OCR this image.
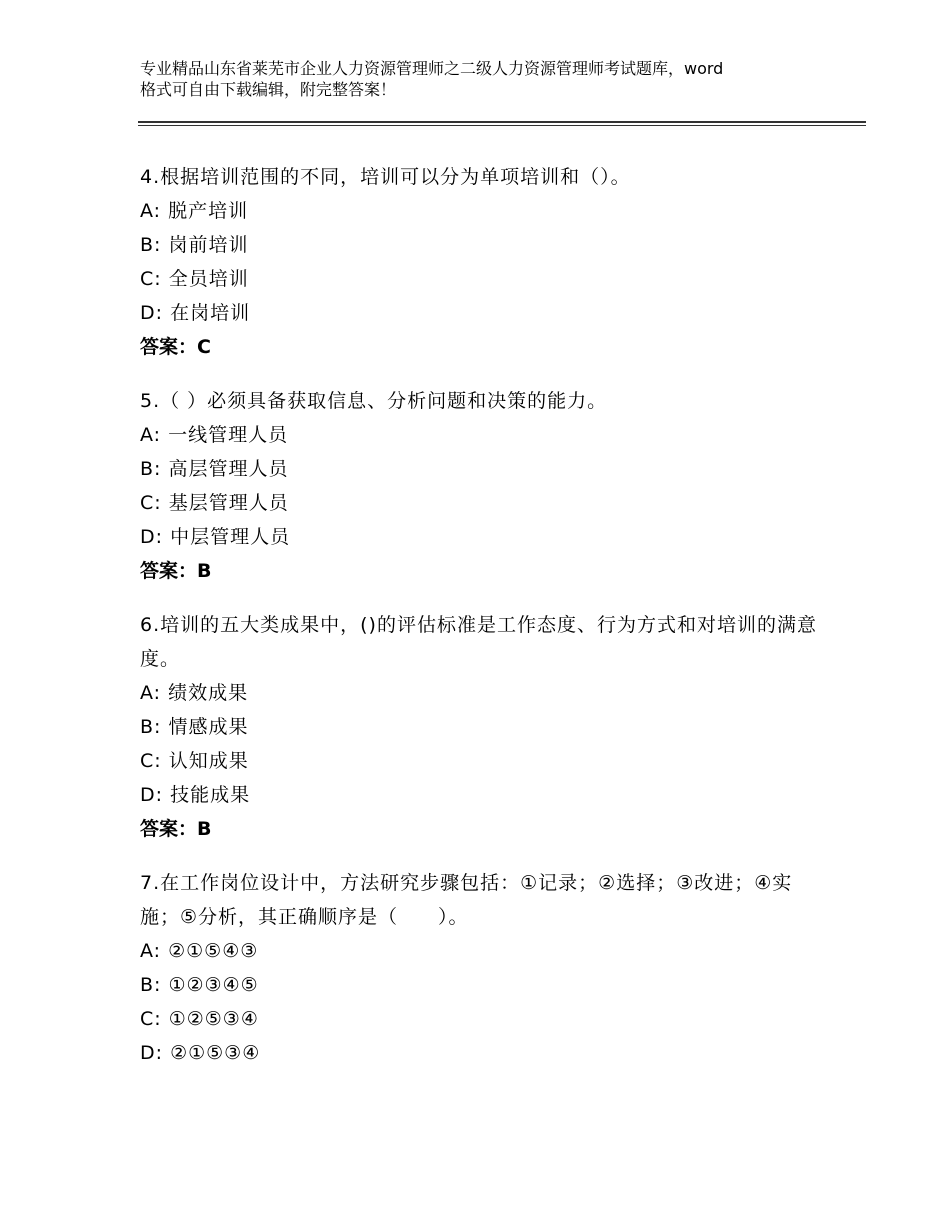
专业精品山东省莱芜市企业人力资源管理师之二级人力资源管理师考试题库，word
格式可自由下载编辑，附完整答案！
4.根据培训范围的不同，培训可以分为单项培训和（）。
A: 脱产培训
B: 岗前培训
C: 全员培训
D: 在岗培训
答案：C
5.（ ）必须具备获取信息、分析问题和决策的能力。
A: 一线管理人员
B: 高层管理人员
C: 基层管理人员
D: 中层管理人员
答案：B
6.培训的五大类成果中，()的评估标准是工作态度、行为方式和对培训的满意度。
A: 绩效成果
B: 情感成果
C: 认知成果
D: 技能成果
答案：B
7.在工作岗位设计中，方法研究步骤包括：①记录；②选择；③改进；④实施；⑤分析，其正确顺序是（　　）。
A: ②①⑤④③
B: ①②③④⑤
C: ①②⑤③④
D: ②①⑤③④
